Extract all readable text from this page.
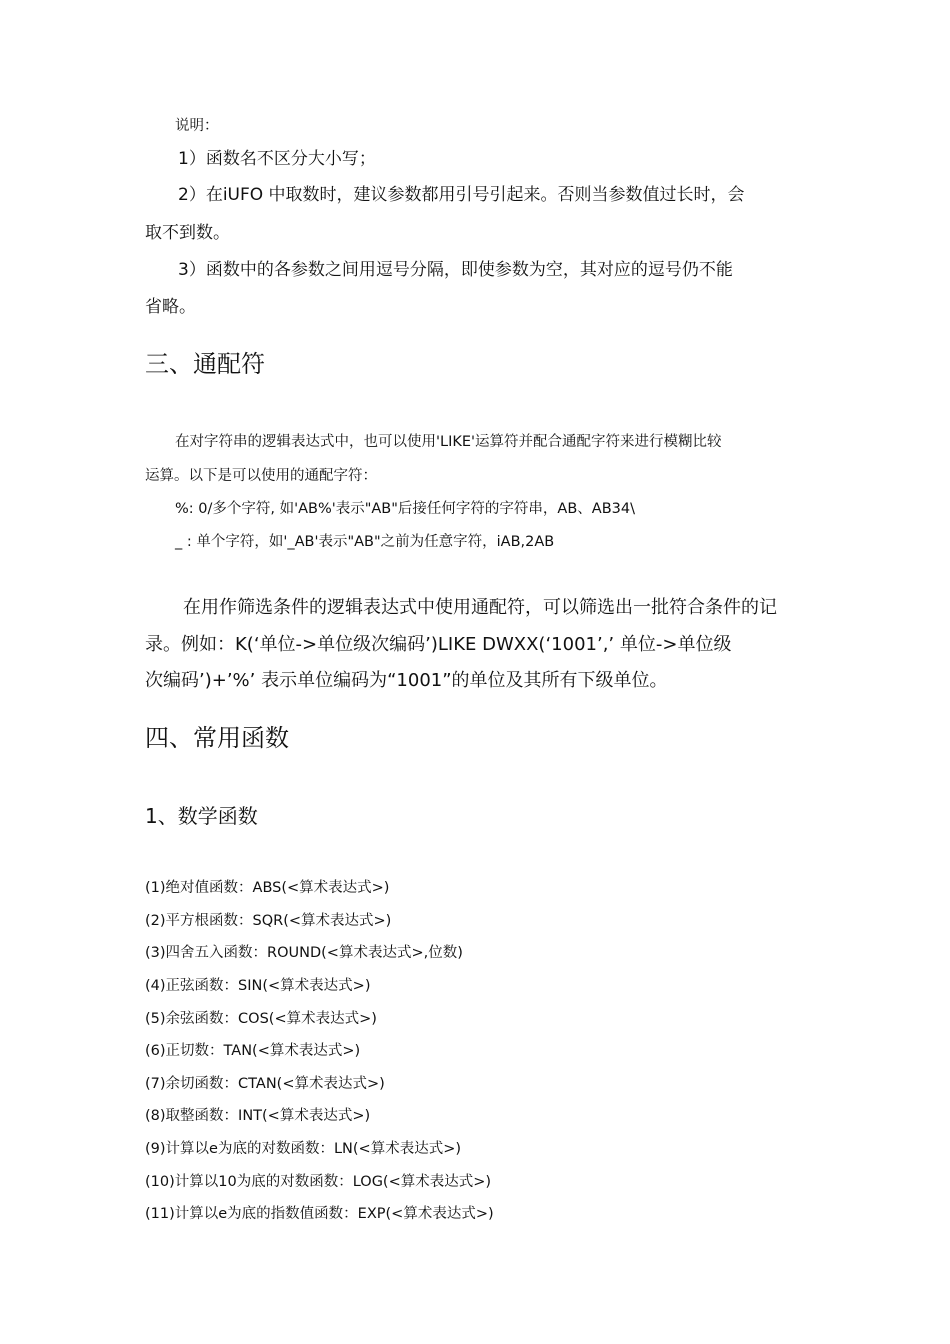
说明：
1）函数名不区分大小写；
2）在iUFO 中取数时，建议参数都用引号引起来。否则当参数值过长时，会
取不到数。
3）函数中的各参数之间用逗号分隔，即使参数为空，其对应的逗号仍不能
省略。
三、通配符
在对字符串的逻辑表达式中，也可以使用'LIKE'运算符并配合通配字符来进行模糊比较
运算。以下是可以使用的通配字符：
%: 0/多个字符, 如'AB%'表示"AB"后接任何字符的字符串，AB、AB34\
_ : 单个字符，如'_AB'表示"AB"之前为任意字符，iAB,2AB
在用作筛选条件的逻辑表达式中使用通配符，可以筛选出一批符合条件的记
录。例如：K(‘单位->单位级次编码’)LIKE DWXX(‘1001’,’ 单位->单位级
次编码’)+’%’ 表示单位编码为“1001”的单位及其所有下级单位。
四、常用函数
1、数学函数
(1)绝对值函数：ABS(<算术表达式>)
(2)平方根函数：SQR(<算术表达式>)
(3)四舍五入函数：ROUND(<算术表达式>,位数)
(4)正弦函数：SIN(<算术表达式>)
(5)余弦函数：COS(<算术表达式>)
(6)正切数：TAN(<算术表达式>)
(7)余切函数：CTAN(<算术表达式>)
(8)取整函数：INT(<算术表达式>)
(9)计算以e为底的对数函数：LN(<算术表达式>)
(10)计算以10为底的对数函数：LOG(<算术表达式>)
(11)计算以e为底的指数值函数：EXP(<算术表达式>)
